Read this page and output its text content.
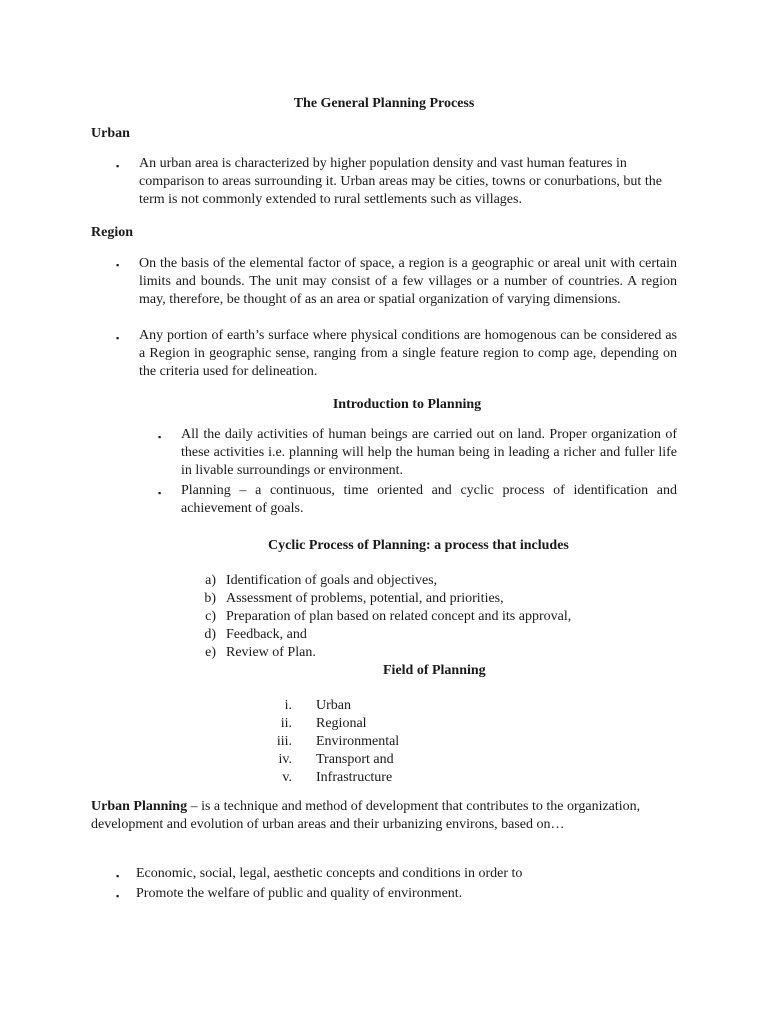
The General Planning Process
Urban
▪ An urban area is characterized by higher population density and vast human features in comparison to areas surrounding it. Urban areas may be cities, towns or conurbations, but the term is not commonly extended to rural settlements such as villages.

Region
▪ On the basis of the elemental factor of space, a region is a geographic or areal unit with certain limits and bounds. The unit may consist of a few villages or a number of countries. A region may, therefore, be thought of as an area or spatial organization of varying dimensions.

▪ Any portion of earth’s surface where physical conditions are homogenous can be considered as a Region in geographic sense, ranging from a single feature region to comp age, depending on the criteria used for delineation.

Introduction to Planning
▪ All the daily activities of human beings are carried out on land. Proper organization of these activities i.e. planning will help the human being in leading a richer and fuller life in livable surroundings or environment.

▪ Planning – a continuous, time oriented and cyclic process of identification and achievement of goals.

Cyclic Process of Planning: a process that includes
a) Identification of goals and objectives,
b) Assessment of problems, potential, and priorities,
c) Preparation of plan based on related concept and its approval,
d) Feedback, and
e) Review of Plan.
Field of Planning
i. Urban
ii. Regional
iii. Environmental
iv. Transport and
v. Infrastructure

Urban Planning – is a technique and method of development that contributes to the organization, development and evolution of urban areas and their urbanizing environs, based on…

▪ Economic, social, legal, aesthetic concepts and conditions in order to

▪ Promote the welfare of public and quality of environment.
